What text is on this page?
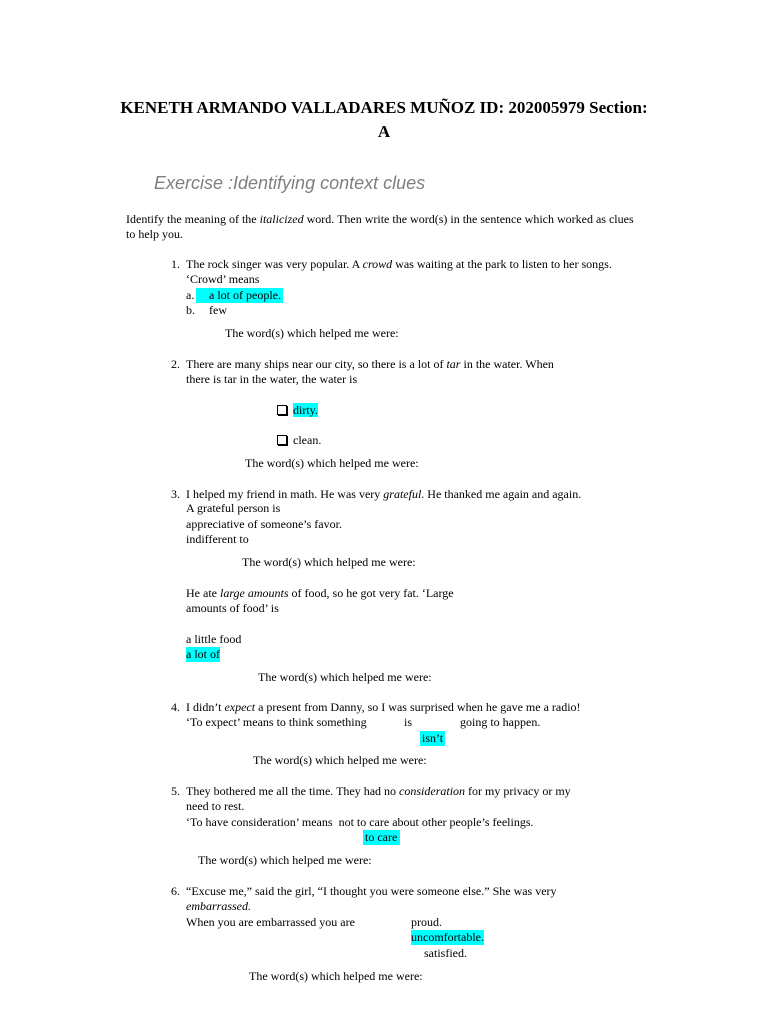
KENETH ARMANDO VALLADARES MUÑOZ ID: 202005979 Section:
A
Exercise :Identifying context clues
Identify the meaning of the italicized word. Then write the word(s) in the sentence which worked as clues
to help you.
1. The rock singer was very popular. A crowd was waiting at the park to listen to her songs.
‘Crowd’ means
a.	a lot of people.
b. few
The word(s) which helped me were:
2. There are many ships near our city, so there is a lot of tar in the water. When
there is tar in the water, the water is
dirty.
clean.
The word(s) which helped me were:
3. I helped my friend in math. He was very grateful. He thanked me again and again.
A grateful person is
appreciative of someone’s favor.
indifferent to
The word(s) which helped me were:
He ate large amounts of food, so he got very fat. ‘Large
amounts of food’ is
a little food
a lot of
The word(s) which helped me were:
4. I didn’t expect a present from Danny, so I was surprised when he gave me a radio!
‘To expect’ means to think something	is	going to happen.
isn’t
The word(s) which helped me were:
5. They bothered me all the time. They had no consideration for my privacy or my
need to rest.
‘To have consideration’ means not to care about other people’s feelings.
to care
The word(s) which helped me were:
6. “Excuse me,” said the girl, “I thought you were someone else.” She was very
embarrassed.
When you are embarrassed you are	proud.
uncomfortable.
satisfied.
The word(s) which helped me were:
